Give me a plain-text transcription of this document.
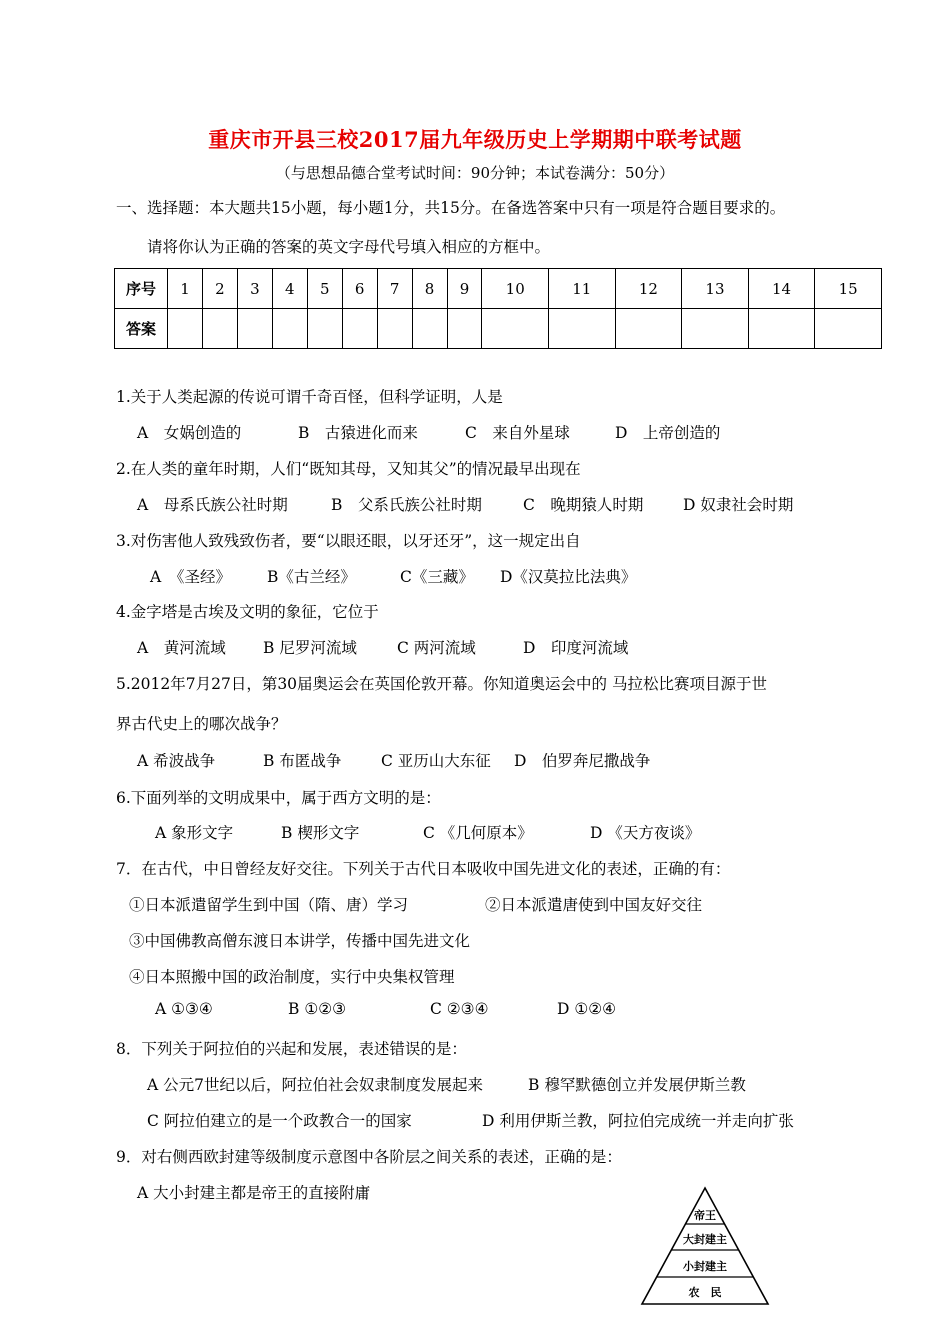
重庆市开县三校2017届九年级历史上学期期中联考试题
（与思想品德合堂考试时间：90分钟；本试卷满分：50分）
一、选择题：本大题共15小题，每小题1分，共15分。在备选答案中只有一项是符合题目要求的。
请将你认为正确的答案的英文字母代号填入相应的方框中。
序号	1	2	3	4	5	6	7	8	9	10	11	12	13	14	15
答案															
1.关于人类起源的传说可谓千奇百怪，但科学证明，人是
A　女娲创造的	B　古猿进化而来	C　来自外星球	D　上帝创造的
2.在人类的童年时期，人们“既知其母，又知其父”的情况最早出现在
A　母系氏族公社时期	B　父系氏族公社时期	C　晚期猿人时期	D 奴隶社会时期
3.对伤害他人致残致伤者，要“以眼还眼，以牙还牙”，这一规定出自
A　《圣经》 B《古兰经》	C《三藏》 D《汉莫拉比法典》
4.金字塔是古埃及文明的象征，它位于
A　黄河流域 B 尼罗河流域	C 两河流域	D　印度河流域
5.2012年7月27日，第30届奥运会在英国伦敦开幕。你知道奥运会中的 马拉松比赛项目源于世
界古代史上的哪次战争？
A 希波战争	B 布匿战争	C 亚历山大东征 D　伯罗奔尼撒战争
6.下面列举的文明成果中，属于西方文明的是：
A 象形文字	B 楔形文字	C 《几何原本》	D 《天方夜谈》
7．在古代，中日曾经友好交往。下列关于古代日本吸收中国先进文化的表述，正确的有：
①日本派遣留学生到中国（隋、唐）学习	②日本派遣唐使到中国友好交往
③中国佛教高僧东渡日本讲学，传播中国先进文化
④日本照搬中国的政治制度，实行中央集权管理
A ①③④	B ①②③	C ②③④	D ①②④
8．下列关于阿拉伯的兴起和发展，表述错误的是：
A 公元7世纪以后，阿拉伯社会奴隶制度发展起来	B 穆罕默德创立并发展伊斯兰教
C 阿拉伯建立的是一个政教合一的国家	D 利用伊斯兰教，阿拉伯完成统一并走向扩张
9．对右侧西欧封建等级制度示意图中各阶层之间关系的表述，正确的是：
A 大小封建主都是帝王的直接附庸
帝王
大封建主
小封建主
农　民
